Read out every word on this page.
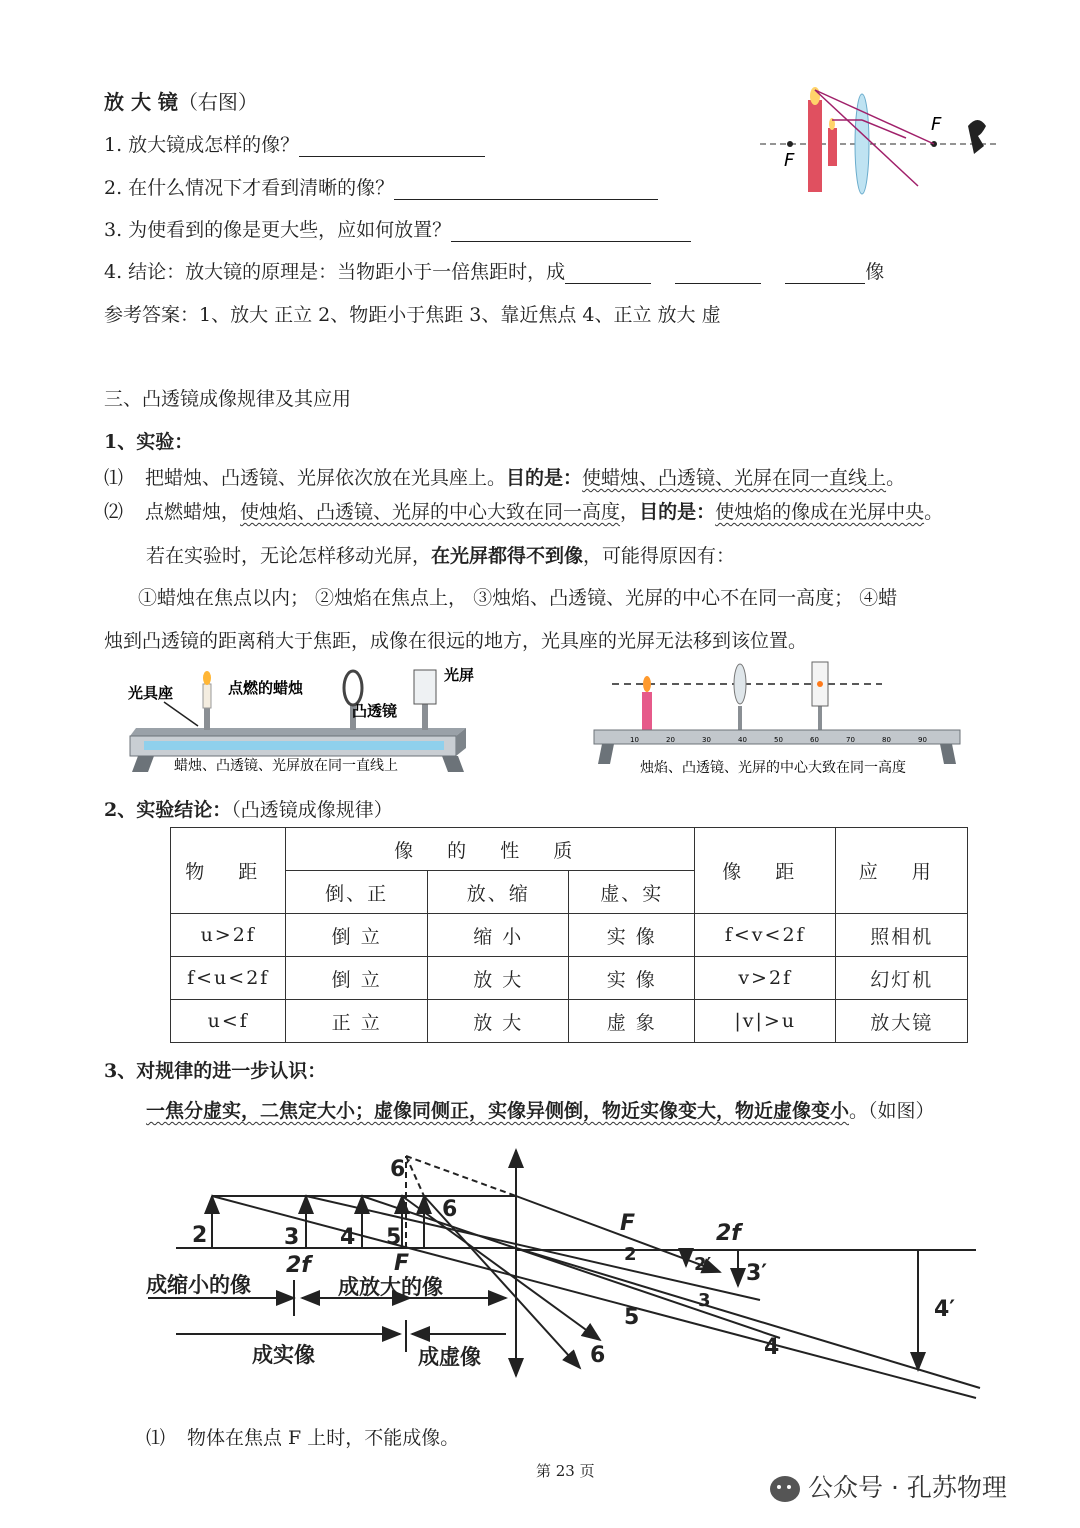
放 大 镜（右图）
1. 放大镜成怎样的像？
2. 在什么情况下才看到清晰的像？
3. 为使看到的像是更大些，应如何放置？
4. 结论：放大镜的原理是：当物距小于一倍焦距时，成	像
参考答案：1、放大 正立 2、物距小于焦距 3、靠近焦点 4、正立 放大 虚
F
F
三、凸透镜成像规律及其应用
1、实验：
⑴ 把蜡烛、凸透镜、光屏依次放在光具座上。目的是：使蜡烛、凸透镜、光屏在同一直线上。
⑵ 点燃蜡烛，使烛焰、凸透镜、光屏的中心大致在同一高度，目的是：使烛焰的像成在光屏中央。
若在实验时，无论怎样移动光屏，在光屏都得不到像，可能得原因有：
①蜡烛在焦点以内； ②烛焰在焦点上， ③烛焰、凸透镜、光屏的中心不在同一高度； ④蜡
烛到凸透镜的距离稍大于焦距，成像在很远的地方，光具座的光屏无法移到该位置。
光具座	点燃的蜡烛
凸透镜
光屏
蜡烛、凸透镜、光屏放在同一直线上
10	20	30	40	50	60	70	80	90
烛焰、凸透镜、光屏的中心大致在同一高度
2、实验结论：（凸透镜成像规律）
物 距	像 的 性 质			像 距	应 用
	倒、正	放、缩	虚、实		
u>2f	倒 立	缩 小	实 像	f<v<2f	照相机
f<u<2f	倒 立	放 大	实 像	v>2f	幻灯机
u<f	正 立	放 大	虚 象	|v|>u	放大镜
3、对规律的进一步认识：
一焦分虚实，二焦定大小；虚像同侧正，实像异侧倒，物近实像变大，物近虚像变小。（如图）
2	3 4 5
6
6′
2′ 3′
4′
2f	F
F	2f
2
3
4
5
6
成缩小的像	成放大的像
成实像	成虚像
⑴ 物体在焦点 F 上时，不能成像。
第 23 页
公众号 · 孔苏物理
